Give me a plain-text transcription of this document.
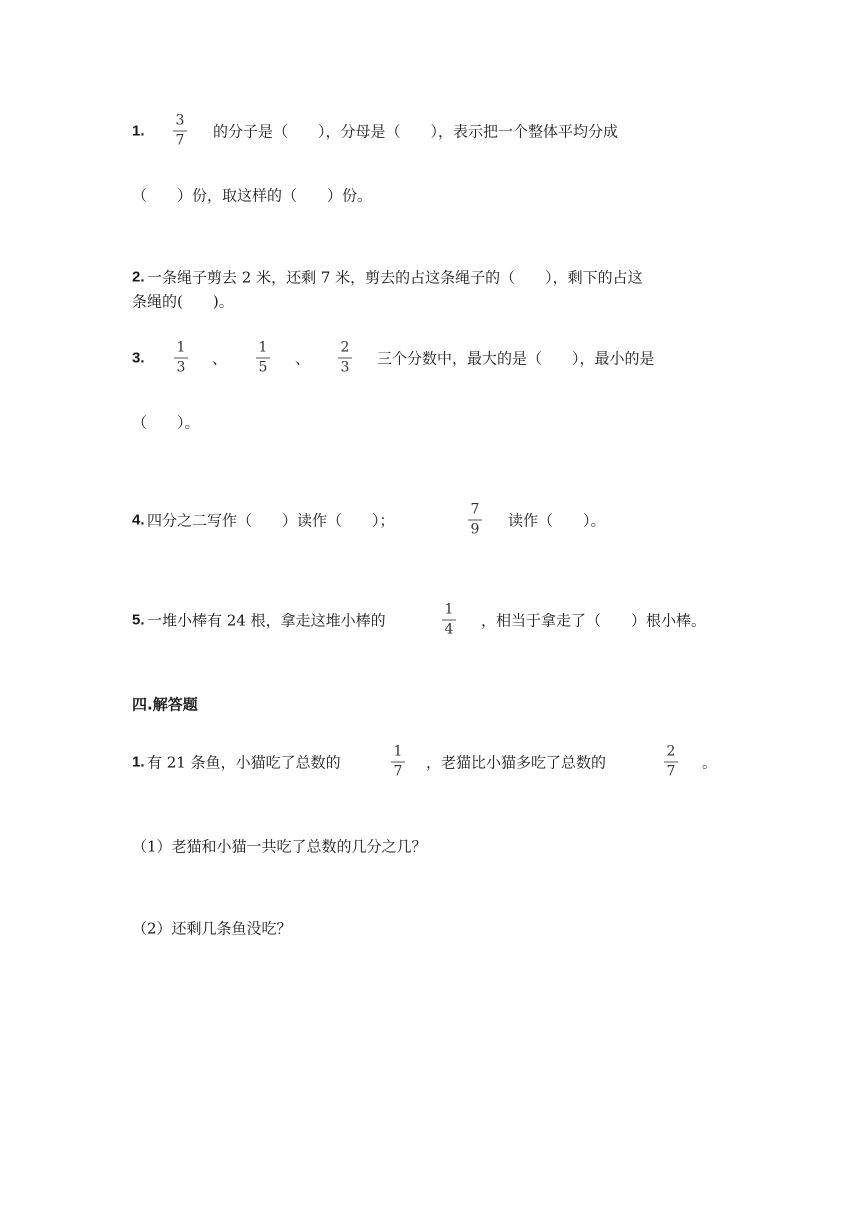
1.
3
7 的分子是（　　），分母是（　　），表示把一个整体平均分成
（　　）份，取这样的（　　）份。
2. 一条绳子剪去 2 米，还剩 7 米，剪去的占这条绳子的（　　），剩下的占这
条绳的(　　)。
3.
1
3 、
1
5 、
2
3 三个分数中，最大的是（　　），最小的是
（　　）。
4. 四分之二写作（　　）读作（　　）；
7
9 读作（　　）。
5. 一堆小棒有 24 根，拿走这堆小棒的
1
4 ，相当于拿走了（　　）根小棒。
四.解答题
1. 有 21 条鱼，小猫吃了总数的
1
7 ，老猫比小猫多吃了总数的
2
7 。
（1）老猫和小猫一共吃了总数的几分之几？
（2）还剩几条鱼没吃？
